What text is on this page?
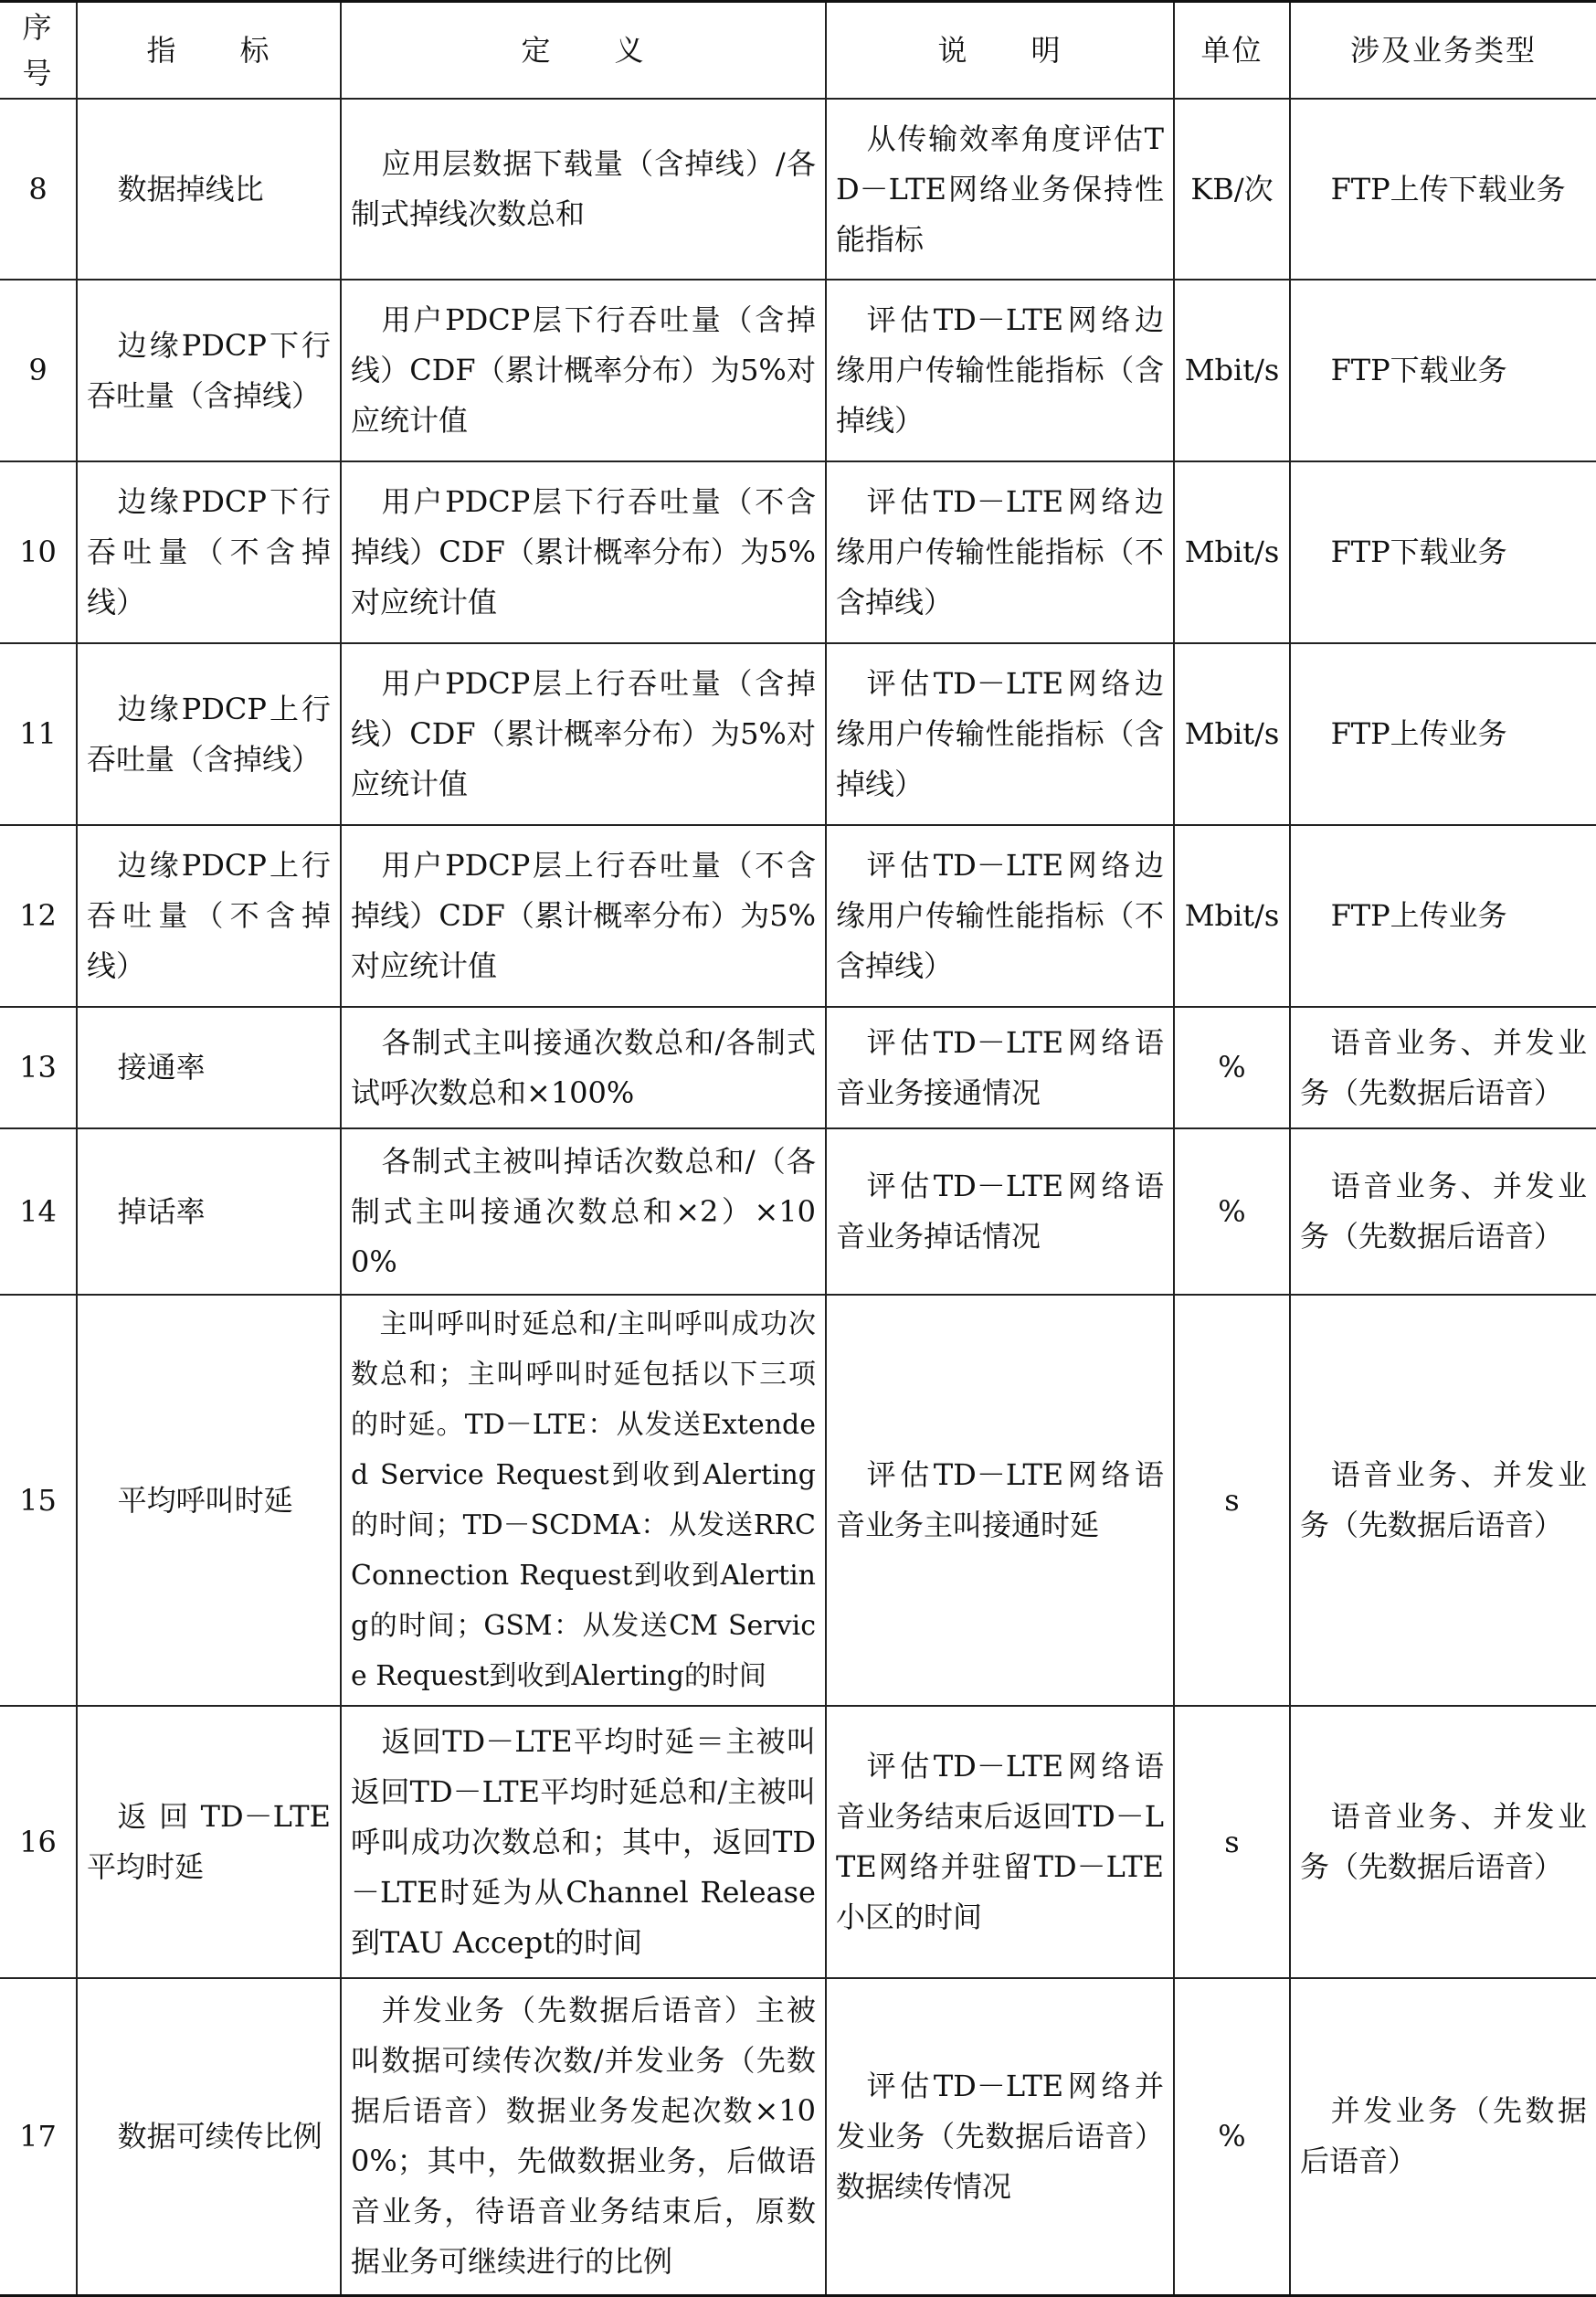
序号	指　　标	定　　义	说　　明	单位	涉及业务类型
8	数据掉线比	应用层数据下载量（含掉线）/各制式掉线次数总和	从传输效率角度评估TD－LTE网络业务保持性能指标	KB/次	FTP上传下载业务
9	边缘PDCP下行吞吐量（含掉线）	用户PDCP层下行吞吐量（含掉线）CDF（累计概率分布）为5%对应统计值	评估TD－LTE网络边缘用户传输性能指标（含掉线）	Mbit/s	FTP下载业务
10	边缘PDCP下行吞吐量（不含掉线）	用户PDCP层下行吞吐量（不含掉线）CDF（累计概率分布）为5%对应统计值	评估TD－LTE网络边缘用户传输性能指标（不含掉线）	Mbit/s	FTP下载业务
11	边缘PDCP上行吞吐量（含掉线）	用户PDCP层上行吞吐量（含掉线）CDF（累计概率分布）为5%对应统计值	评估TD－LTE网络边缘用户传输性能指标（含掉线）	Mbit/s	FTP上传业务
12	边缘PDCP上行吞吐量（不含掉线）	用户PDCP层上行吞吐量（不含掉线）CDF（累计概率分布）为5%对应统计值	评估TD－LTE网络边缘用户传输性能指标（不含掉线）	Mbit/s	FTP上传业务
13	接通率	各制式主叫接通次数总和/各制式试呼次数总和×100%	评估TD－LTE网络语音业务接通情况	%	语音业务、并发业务（先数据后语音）
14	掉话率	各制式主被叫掉话次数总和/（各制式主叫接通次数总和×2）×100%	评估TD－LTE网络语音业务掉话情况	%	语音业务、并发业务（先数据后语音）
15	平均呼叫时延	主叫呼叫时延总和/主叫呼叫成功次数总和；主叫呼叫时延包括以下三项的时延。TD－LTE：从发送Extended Service Request到收到Alerting的时间；TD－SCDMA：从发送RRC Connection Request到收到Alerting的时间；GSM：从发送CM Service Request到收到Alerting的时间	评估TD－LTE网络语音业务主叫接通时延	s	语音业务、并发业务（先数据后语音）
16	返回TD－LTE平均时延	返回TD－LTE平均时延＝主被叫返回TD－LTE平均时延总和/主被叫呼叫成功次数总和；其中，返回TD－LTE时延为从Channel Release到TAU Accept的时间	评估TD－LTE网络语音业务结束后返回TD－LTE网络并驻留TD－LTE小区的时间	s	语音业务、并发业务（先数据后语音）
17	数据可续传比例	并发业务（先数据后语音）主被叫数据可续传次数/并发业务（先数据后语音）数据业务发起次数×100%；其中，先做数据业务，后做语音业务，待语音业务结束后，原数据业务可继续进行的比例	评估TD－LTE网络并发业务（先数据后语音）数据续传情况	%	并发业务（先数据后语音）
